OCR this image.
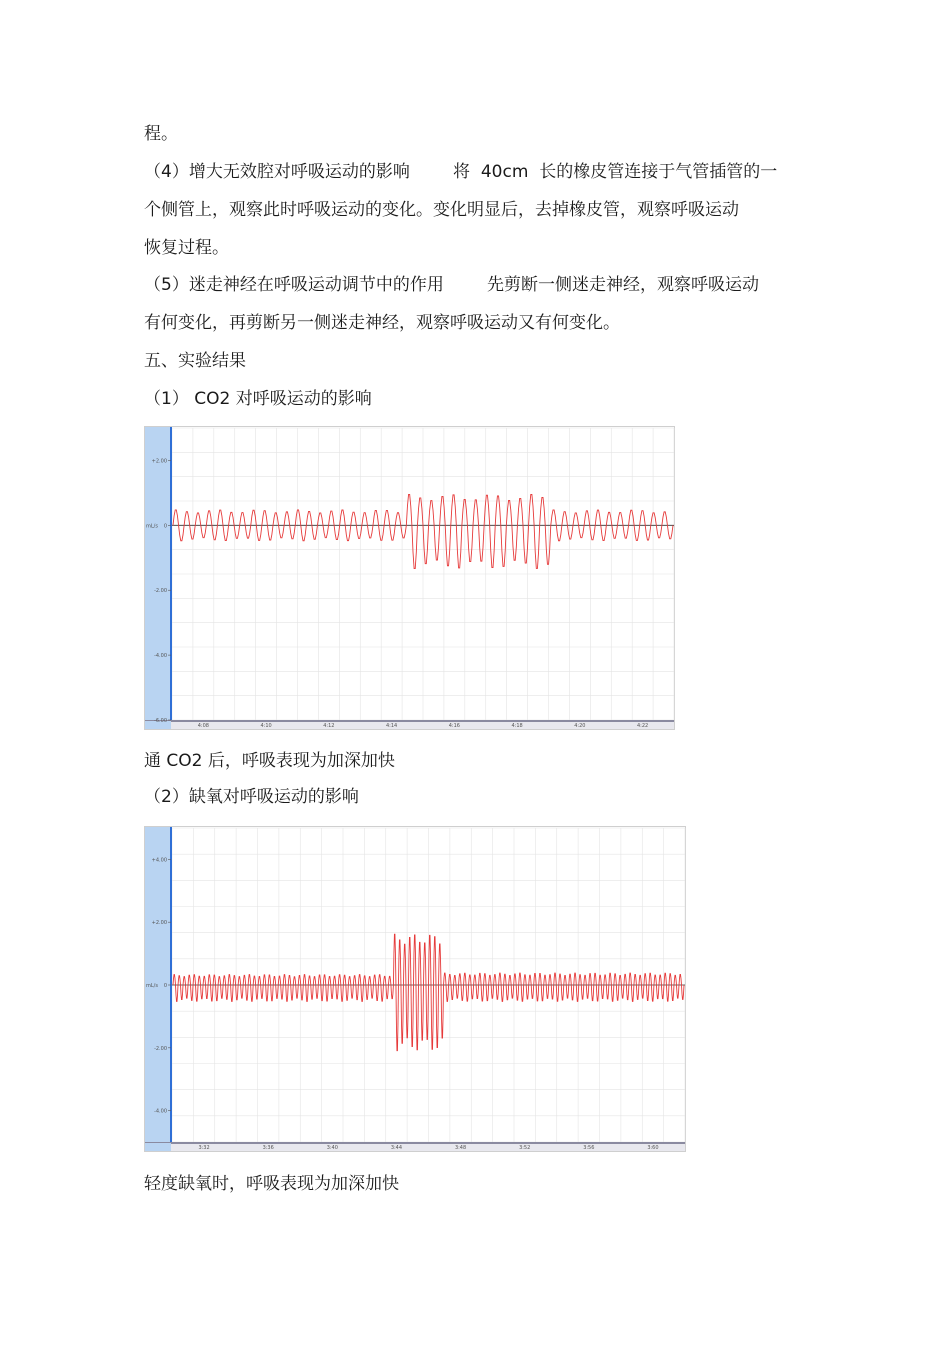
程。
（4）增大无效腔对呼吸运动的影响        将  40cm  长的橡皮管连接于气管插管的一
个侧管上，观察此时呼吸运动的变化。变化明显后，去掉橡皮管，观察呼吸运动
恢复过程。
（5）迷走神经在呼吸运动调节中的作用        先剪断一侧迷走神经，观察呼吸运动
有何变化，再剪断另一侧迷走神经，观察呼吸运动又有何变化。
五、实验结果
（1） CO2 对呼吸运动的影响
+2.00
0
-2.00
-4.00
-6.00
mL/s
4:08	4:10	4:12	4:14	4:16	4:18	4:20	4:22
通 CO2 后，呼吸表现为加深加快
（2）缺氧对呼吸运动的影响
+4.00
+2.00
0
-2.00
-4.00
mL/s
3:32	3:36	3:40	3:44	3:48	3:52	3:56	3:60
轻度缺氧时，呼吸表现为加深加快
